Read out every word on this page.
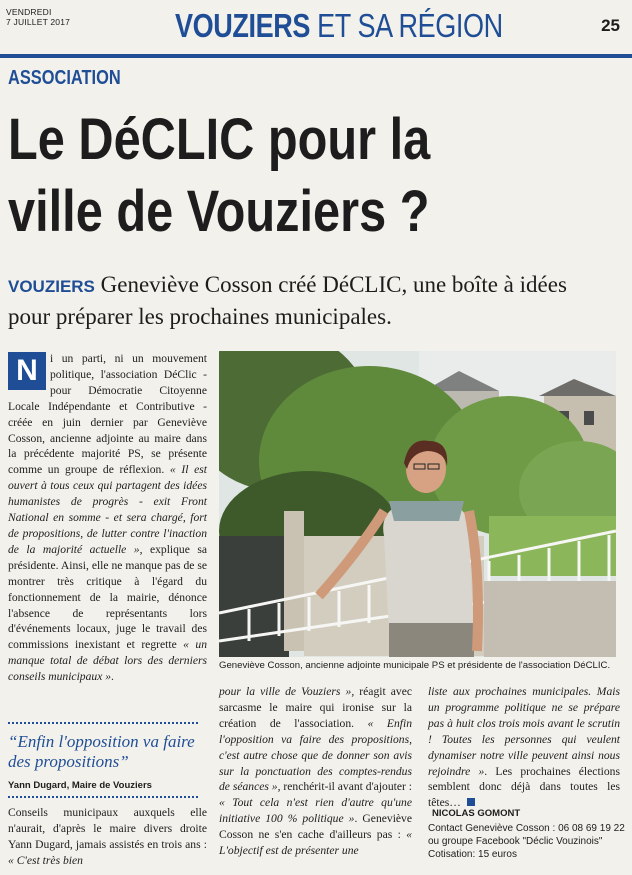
VENDREDI
7 JUILLET 2017	VOUZIERS ET SA RÉGION	25
ASSOCIATION
Le DéCLIC pour la
ville de Vouziers ?
VOUZIERS Geneviève Cosson créé DéCLIC, une boîte à idées pour préparer les prochaines municipales.
N	i un parti, ni un mouvement politique, l'association DéClic - pour Démocratie Citoyenne Locale Indépendante et Contributive - créée en juin dernier par Geneviève Cosson, ancienne adjointe au maire dans la précédente majorité PS, se présente comme un groupe de réflexion. « Il est ouvert à tous ceux qui partagent des idées humanistes de progrès - exit Front National en somme - et sera chargé, fort de propositions, de lutter contre l'inaction de la majorité actuelle », explique sa présidente. Ainsi, elle ne manque pas de se montrer très critique à l'égard du fonctionnement de la mairie, dénonce l'absence de représentants lors d'événements locaux, juge le travail des commissions inexistant et regrette « un manque total de débat lors des derniers conseils municipaux ».
“Enfin l'opposition va faire des propositions”
Yann Dugard, Maire de Vouziers
Conseils municipaux auxquels elle n'aurait, d'après le maire divers droite Yann Dugard, jamais assistés en trois ans : « C'est très bien
Geneviève Cosson, ancienne adjointe municipale PS et présidente de l'association DéCLIC.
pour la ville de Vouziers », réagit avec sarcasme le maire qui ironise sur la création de l'association. « Enfin l'opposition va faire des propositions, c'est autre chose que de donner son avis sur la ponctuation des comptes-rendus de séances », renchérit-il avant d'ajouter : « Tout cela n'est rien d'autre qu'une initiative 100 % politique ». Geneviève Cosson ne s'en cache d'ailleurs pas : « L'objectif est de présenter une
liste aux prochaines municipales. Mais un programme politique ne se prépare pas à huit clos trois mois avant le scrutin ! Toutes les personnes qui veulent dynamiser notre ville peuvent ainsi nous rejoindre ». Les prochaines élections semblent donc déjà dans toutes les têtes…
NICOLAS GOMONT
Contact Geneviève Cosson : 06 08 69 19 22
ou groupe Facebook "Déclic Vouzinois"
Cotisation: 15 euros
